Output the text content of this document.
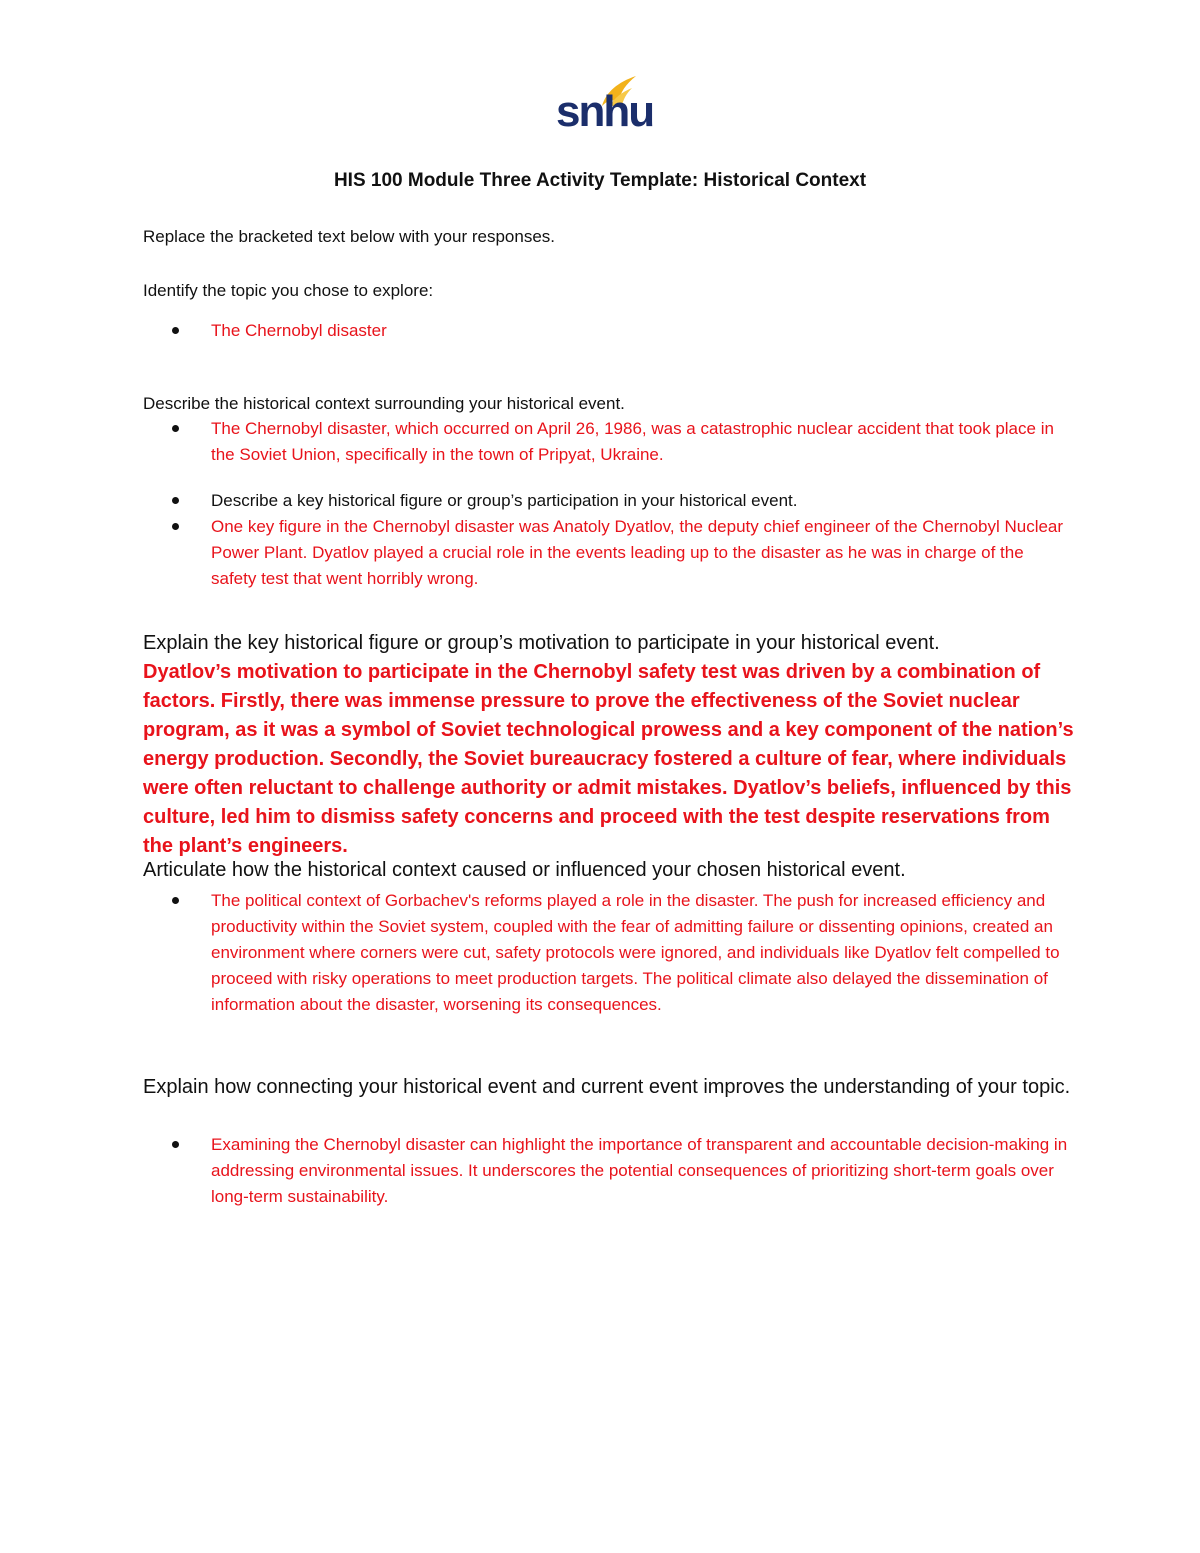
snhu
HIS 100 Module Three Activity Template: Historical Context

Replace the bracketed text below with your responses.

Identify the topic you chose to explore:

The Chernobyl disaster

Describe the historical context surrounding your historical event.

The Chernobyl disaster, which occurred on April 26, 1986, was a catastrophic nuclear accident that took place in the Soviet Union, specifically in the town of Pripyat, Ukraine.
Describe a key historical figure or group’s participation in your historical event.
One key figure in the Chernobyl disaster was Anatoly Dyatlov, the deputy chief engineer of the Chernobyl Nuclear Power Plant. Dyatlov played a crucial role in the events leading up to the disaster as he was in charge of the safety test that went horribly wrong.

Explain the key historical figure or group’s motivation to participate in your historical event.

Dyatlov’s motivation to participate in the Chernobyl safety test was driven by a combination of factors. Firstly, there was immense pressure to prove the effectiveness of the Soviet nuclear program, as it was a symbol of Soviet technological prowess and a key component of the nation’s energy production. Secondly, the Soviet bureaucracy fostered a culture of fear, where individuals were often reluctant to challenge authority or admit mistakes. Dyatlov’s beliefs, influenced by this culture, led him to dismiss safety concerns and proceed with the test despite reservations from the plant’s engineers.

Articulate how the historical context caused or influenced your chosen historical event.

The political context of Gorbachev's reforms played a role in the disaster. The push for increased efficiency and productivity within the Soviet system, coupled with the fear of admitting failure or dissenting opinions, created an environment where corners were cut, safety protocols were ignored, and individuals like Dyatlov felt compelled to proceed with risky operations to meet production targets. The political climate also delayed the dissemination of information about the disaster, worsening its consequences.

Explain how connecting your historical event and current event improves the understanding of your topic.

Examining the Chernobyl disaster can highlight the importance of transparent and accountable decision-making in addressing environmental issues. It underscores the potential consequences of prioritizing short-term goals over long-term sustainability.
